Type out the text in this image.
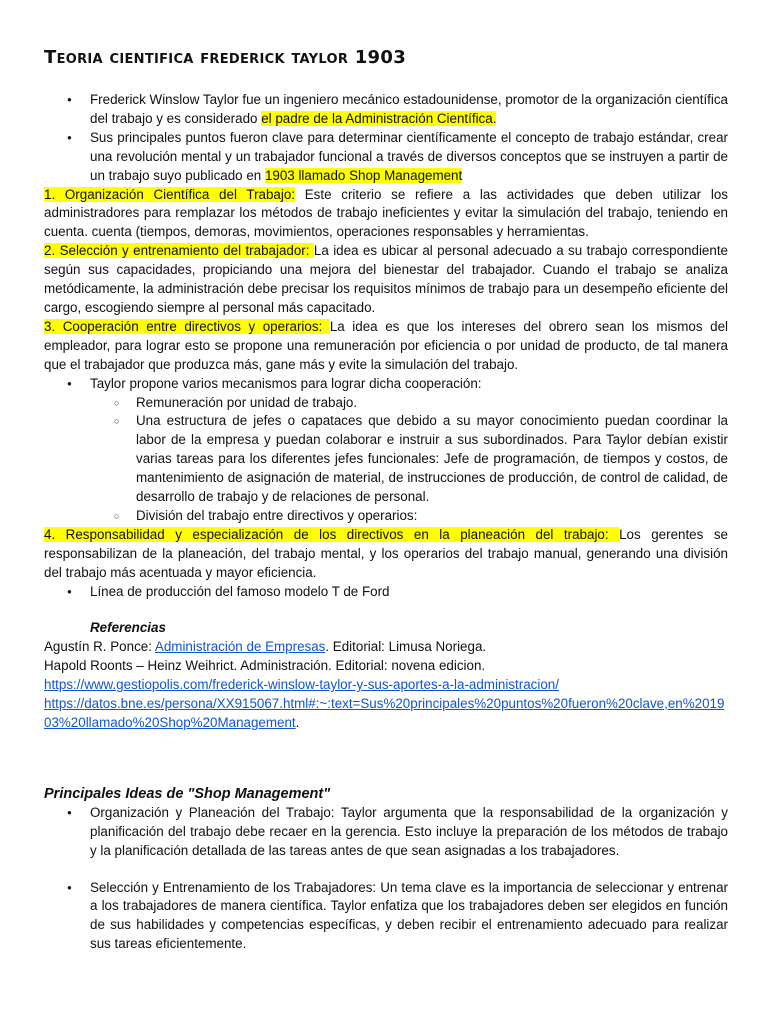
Teoria cientifica frederick taylor 1903
● Frederick Winslow Taylor fue un ingeniero mecánico estadounidense, promotor de la organización científica del trabajo y es considerado el padre de la Administración Científica.
● Sus principales puntos fueron clave para determinar científicamente el concepto de trabajo estándar, crear una revolución mental y un trabajador funcional a través de diversos conceptos que se instruyen a partir de un trabajo suyo publicado en 1903 llamado Shop Management

1. Organización Científica del Trabajo: Este criterio se refiere a las actividades que deben utilizar los administradores para remplazar los métodos de trabajo ineficientes y evitar la simulación del trabajo, teniendo en cuenta. cuenta (tiempos, demoras, movimientos, operaciones responsables y herramientas.

2. Selección y entrenamiento del trabajador: La idea es ubicar al personal adecuado a su trabajo correspondiente según sus capacidades, propiciando una mejora del bienestar del trabajador. Cuando el trabajo se analiza metódicamente, la administración debe precisar los requisitos mínimos de trabajo para un desempeño eficiente del cargo, escogiendo siempre al personal más capacitado.

3. Cooperación entre directivos y operarios: La idea es que los intereses del obrero sean los mismos del empleador, para lograr esto se propone una remuneración por eficiencia o por unidad de producto, de tal manera que el trabajador que produzca más, gane más y evite la simulación del trabajo.

● Taylor propone varios mecanismos para lograr dicha cooperación:
○ Remuneración por unidad de trabajo.
○ Una estructura de jefes o capataces que debido a su mayor conocimiento puedan coordinar la labor de la empresa y puedan colaborar e instruir a sus subordinados. Para Taylor debían existir varias tareas para los diferentes jefes funcionales: Jefe de programación, de tiempos y costos, de mantenimiento de asignación de material, de instrucciones de producción, de control de calidad, de desarrollo de trabajo y de relaciones de personal.
○ División del trabajo entre directivos y operarios:

4. Responsabilidad y especialización de los directivos en la planeación del trabajo: Los gerentes se responsabilizan de la planeación, del trabajo mental, y los operarios del trabajo manual, generando una división del trabajo más acentuada y mayor eficiencia.

● Línea de producción del famoso modelo T de Ford
Referencias

Agustín R. Ponce: Administración de Empresas. Editorial: Limusa Noriega.

Hapold Roonts – Heinz Weihrict. Administración. Editorial: novena edicion.

https://www.gestiopolis.com/frederick-winslow-taylor-y-sus-aportes-a-la-administracion/

https://datos.bne.es/persona/XX915067.html#:~:text=Sus%20principales%20puntos%20fueron%20clave,en%201903%20llamado%20Shop%20Management.

Principales Ideas de "Shop Management"
● Organización y Planeación del Trabajo: Taylor argumenta que la responsabilidad de la organización y planificación del trabajo debe recaer en la gerencia. Esto incluye la preparación de los métodos de trabajo y la planificación detallada de las tareas antes de que sean asignadas a los trabajadores.
● Selección y Entrenamiento de los Trabajadores: Un tema clave es la importancia de seleccionar y entrenar a los trabajadores de manera científica. Taylor enfatiza que los trabajadores deben ser elegidos en función de sus habilidades y competencias específicas, y deben recibir el entrenamiento adecuado para realizar sus tareas eficientemente.
